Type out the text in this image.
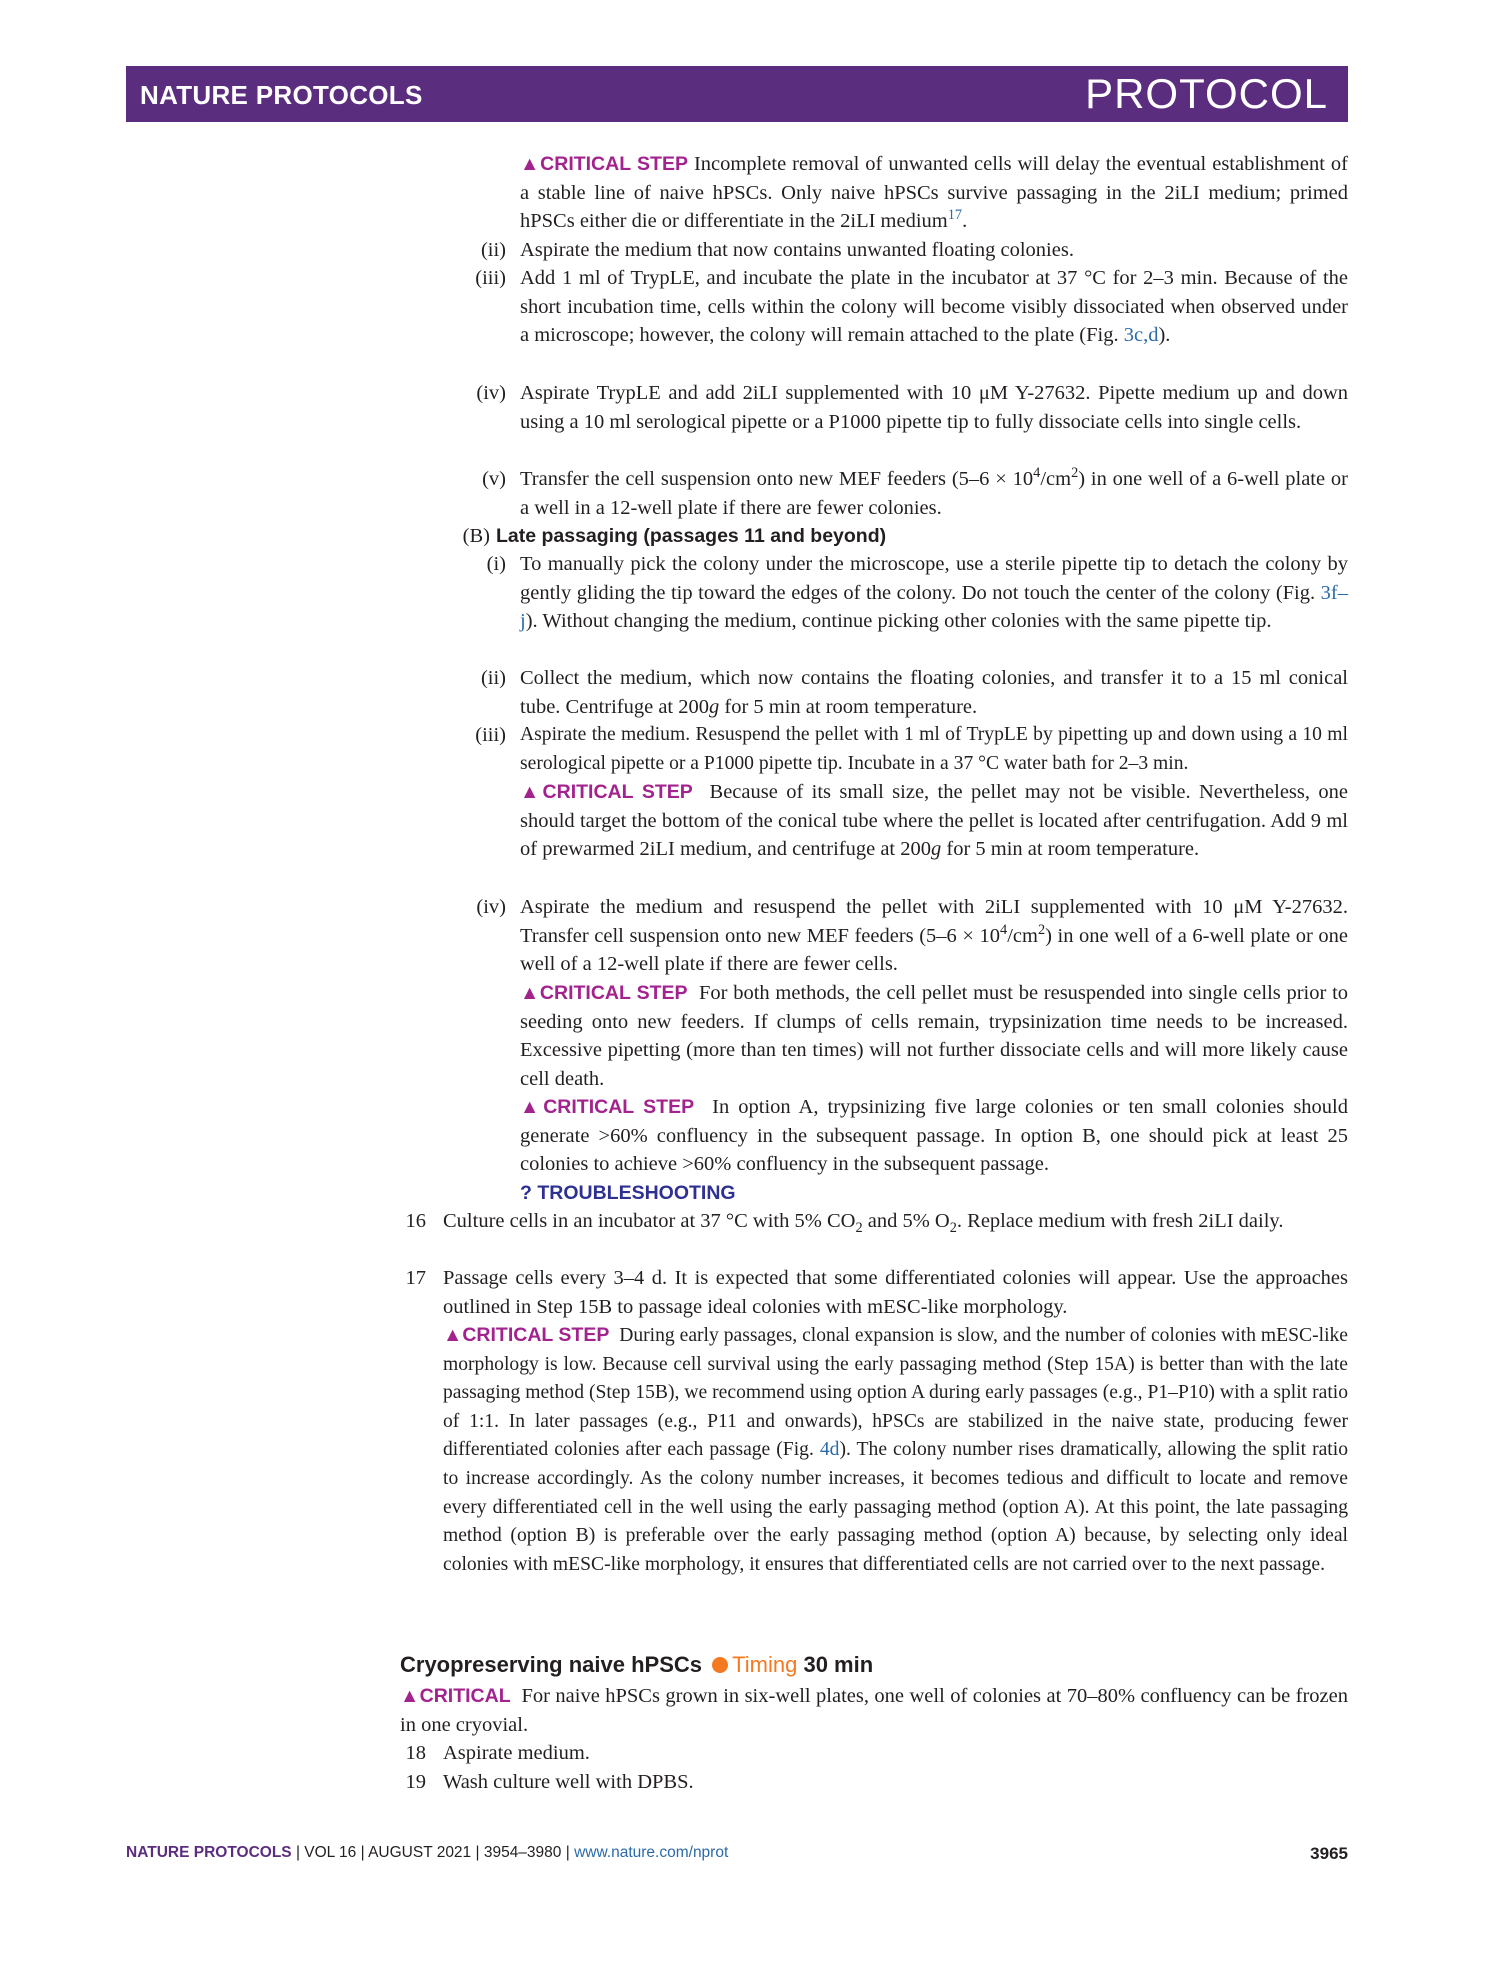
NATURE PROTOCOLS	PROTOCOL

▲CRITICAL STEP Incomplete removal of unwanted cells will delay the eventual establishment of a stable line of naive hPSCs. Only naive hPSCs survive passaging in the 2iLI medium; primed hPSCs either die or differentiate in the 2iLI medium$^{17}$.

(ii) Aspirate the medium that now contains unwanted floating colonies.

(iii) Add 1 ml of TrypLE, and incubate the plate in the incubator at 37 °C for 2–3 min. Because of the short incubation time, cells within the colony will become visibly dissociated when observed under a microscope; however, the colony will remain attached to the plate (Fig. 3c,d).

(iv) Aspirate TrypLE and add 2iLI supplemented with 10 μM Y-27632. Pipette medium up and down using a 10 ml serological pipette or a P1000 pipette tip to fully dissociate cells into single cells.

(v) Transfer the cell suspension onto new MEF feeders $(5-6 \times 10^4/cm^2)$ in one well of a 6-well plate or a well in a 12-well plate if there are fewer colonies.

(B) Late passaging (passages 11 and beyond)

(i) To manually pick the colony under the microscope, use a sterile pipette tip to detach the colony by gently gliding the tip toward the edges of the colony. Do not touch the center of the colony (Fig. 3f–j). Without changing the medium, continue picking other colonies with the same pipette tip.

(ii) Collect the medium, which now contains the floating colonies, and transfer it to a 15 ml conical tube. Centrifuge at 200g for 5 min at room temperature.

(iii) Aspirate the medium. Resuspend the pellet with 1 ml of TrypLE by pipetting up and down using a 10 ml serological pipette or a P1000 pipette tip. Incubate in a 37 °C water bath for 2–3 min.

▲CRITICAL STEP Because of its small size, the pellet may not be visible. Nevertheless, one should target the bottom of the conical tube where the pellet is located after centrifugation. Add 9 ml of prewarmed 2iLI medium, and centrifuge at 200g for 5 min at room temperature.

(iv) Aspirate the medium and resuspend the pellet with 2iLI supplemented with 10 μM Y-27632. Transfer cell suspension onto new MEF feeders $(5-6 \times 10^4/cm^2)$ in one well of a 6-well plate or one well of a 12-well plate if there are fewer cells.

▲CRITICAL STEP For both methods, the cell pellet must be resuspended into single cells prior to seeding onto new feeders. If clumps of cells remain, trypsinization time needs to be increased. Excessive pipetting (more than ten times) will not further dissociate cells and will more likely cause cell death.

▲CRITICAL STEP In option A, trypsinizing five large colonies or ten small colonies should generate >60% confluency in the subsequent passage. In option B, one should pick at least 25 colonies to achieve >60% confluency in the subsequent passage.

? TROUBLESHOOTING

16 Culture cells in an incubator at 37 °C with 5% $CO_2$ and 5% $O_2$. Replace medium with fresh 2iLI daily.

17 Passage cells every 3–4 d. It is expected that some differentiated colonies will appear. Use the approaches outlined in Step 15B to passage ideal colonies with mESC-like morphology.

▲CRITICAL STEP During early passages, clonal expansion is slow, and the number of colonies with mESC-like morphology is low. Because cell survival using the early passaging method (Step 15A) is better than with the late passaging method (Step 15B), we recommend using option A during early passages (e.g., P1–P10) with a split ratio of 1:1. In later passages (e.g., P11 and onwards), hPSCs are stabilized in the naive state, producing fewer differentiated colonies after each passage (Fig. 4d). The colony number rises dramatically, allowing the split ratio to increase accordingly. As the colony number increases, it becomes tedious and difficult to locate and remove every differentiated cell in the well using the early passaging method (option A). At this point, the late passaging method (option B) is preferable over the early passaging method (option A) because, by selecting only ideal colonies with mESC-like morphology, it ensures that differentiated cells are not carried over to the next passage.

Cryopreserving naive hPSCs Timing 30 min

▲CRITICAL For naive hPSCs grown in six-well plates, one well of colonies at 70–80% confluency can be frozen in one cryovial.

18 Aspirate medium.

19 Wash culture well with DPBS.

NATURE PROTOCOLS | VOL 16 | AUGUST 2021 | 3954–3980 | www.nature.com/nprot	3965
